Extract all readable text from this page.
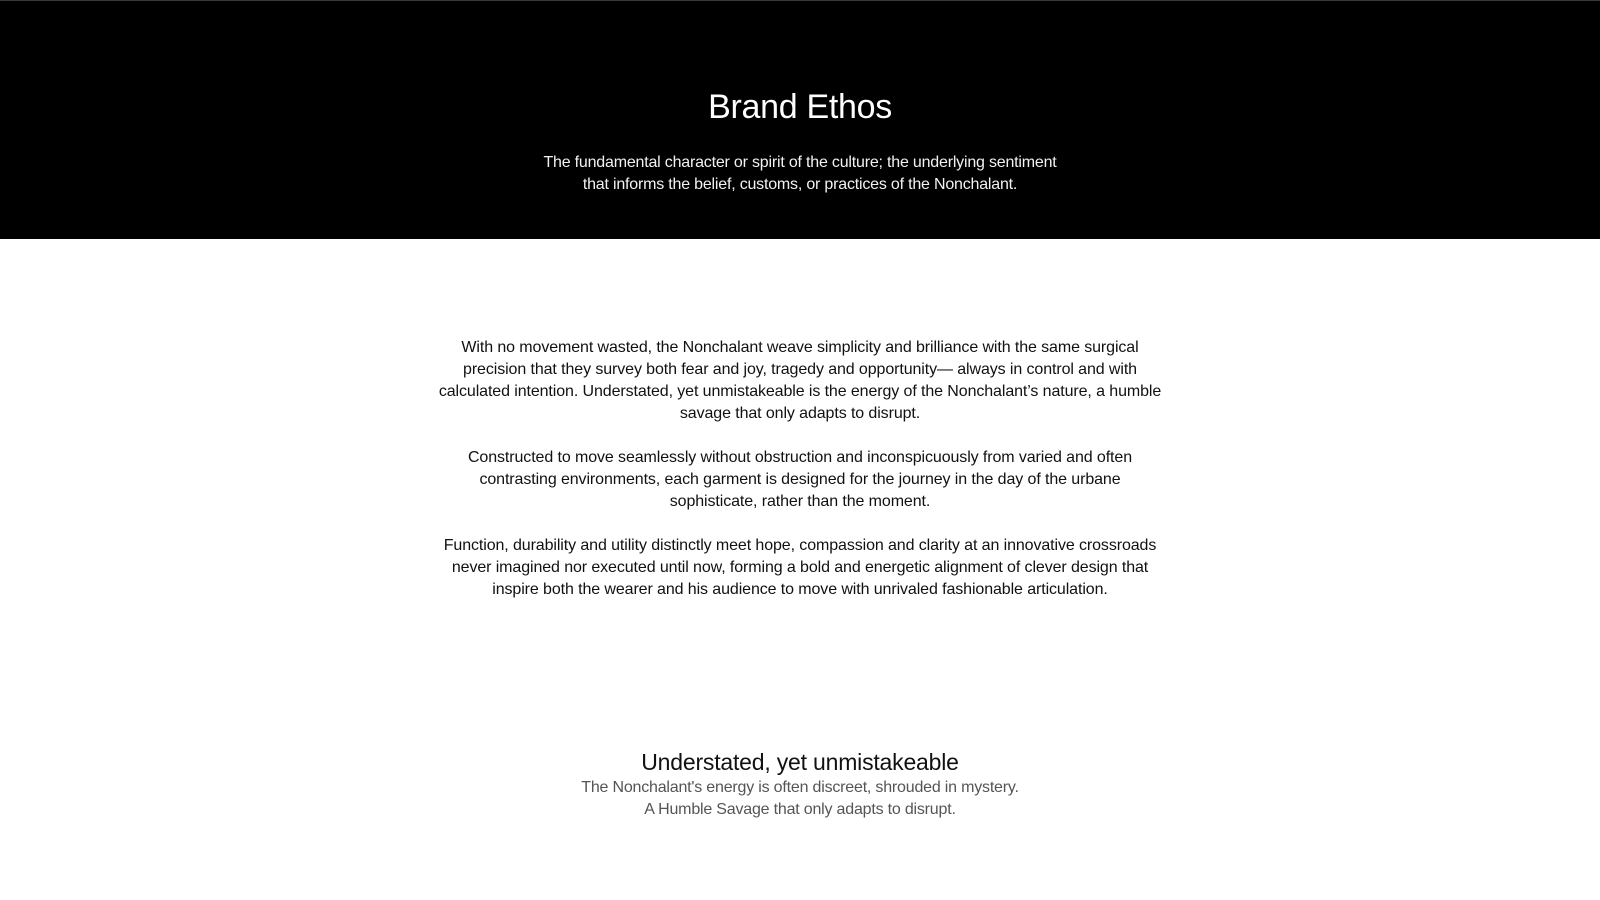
Brand Ethos

The fundamental character or spirit of the culture; the underlying sentiment
that informs the belief, customs, or practices of the Nonchalant.

With no movement wasted, the Nonchalant weave simplicity and brilliance with the same surgical precision that they survey both fear and joy, tragedy and opportunity— always in control and with calculated intention. Understated, yet unmistakeable is the energy of the Nonchalant’s nature, a humble savage that only adapts to disrupt.

Constructed to move seamlessly without obstruction and inconspicuously from varied and often contrasting environments, each garment is designed for the journey in the day of the urbane sophisticate, rather than the moment.

Function, durability and utility distinctly meet hope, compassion and clarity at an innovative crossroads never imagined nor executed until now, forming a bold and energetic alignment of clever design that inspire both the wearer and his audience to move with unrivaled fashionable articulation.

Understated, yet unmistakeable

The Nonchalant's energy is often discreet, shrouded in mystery.

A Humble Savage that only adapts to disrupt.
